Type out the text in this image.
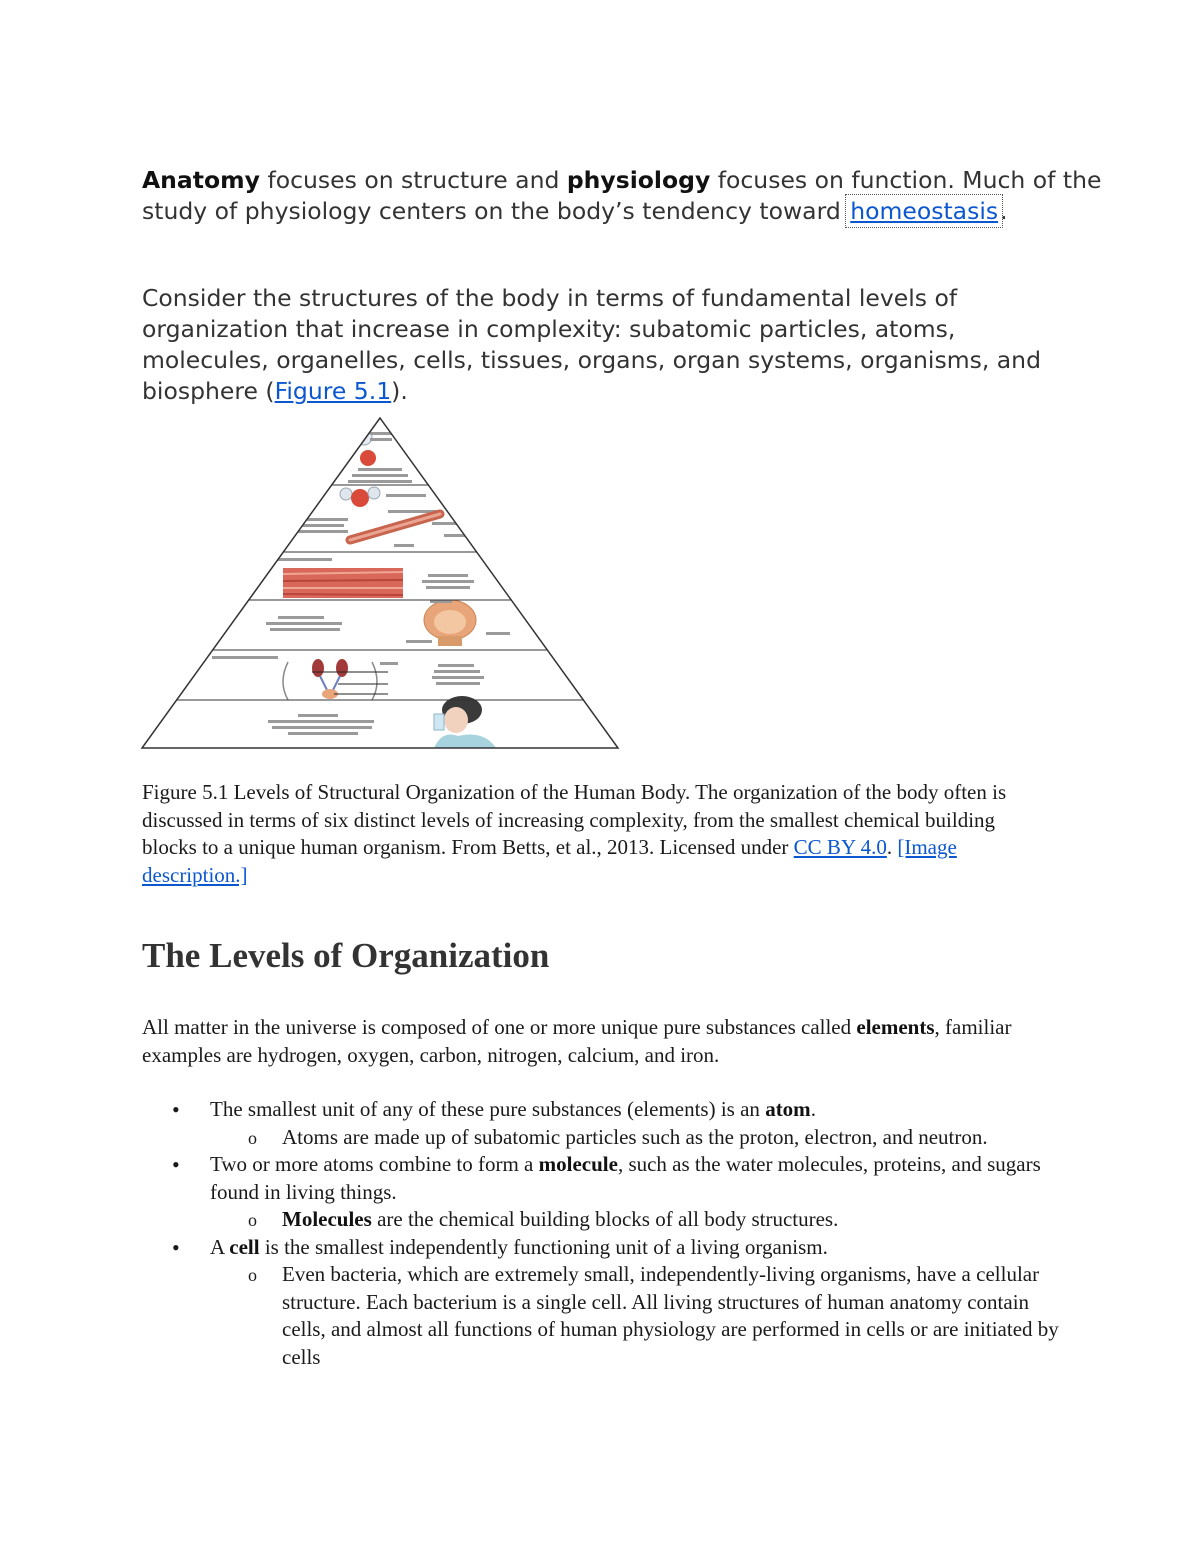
Anatomy focuses on structure and physiology focuses on function. Much of the study of physiology centers on the body’s tendency toward homeostasis.

Consider the structures of the body in terms of fundamental levels of organization that increase in complexity: subatomic particles, atoms, molecules, organelles, cells, tissues, organs, organ systems, organisms, and biosphere (Figure 5.1).

Figure 5.1 Levels of Structural Organization of the Human Body. The organization of the body often is discussed in terms of six distinct levels of increasing complexity, from the smallest chemical building blocks to a unique human organism. From Betts, et al., 2013. Licensed under CC BY 4.0. [Image description.]

The Levels of Organization

All matter in the universe is composed of one or more unique pure substances called elements, familiar examples are hydrogen, oxygen, carbon, nitrogen, calcium, and iron.

• The smallest unit of any of these pure substances (elements) is an atom.
o Atoms are made up of subatomic particles such as the proton, electron, and neutron.
• Two or more atoms combine to form a molecule, such as the water molecules, proteins, and sugars found in living things.
o Molecules are the chemical building blocks of all body structures.
• A cell is the smallest independently functioning unit of a living organism.
o Even bacteria, which are extremely small, independently-living organisms, have a cellular structure. Each bacterium is a single cell. All living structures of human anatomy contain cells, and almost all functions of human physiology are performed in cells or are initiated by cells
